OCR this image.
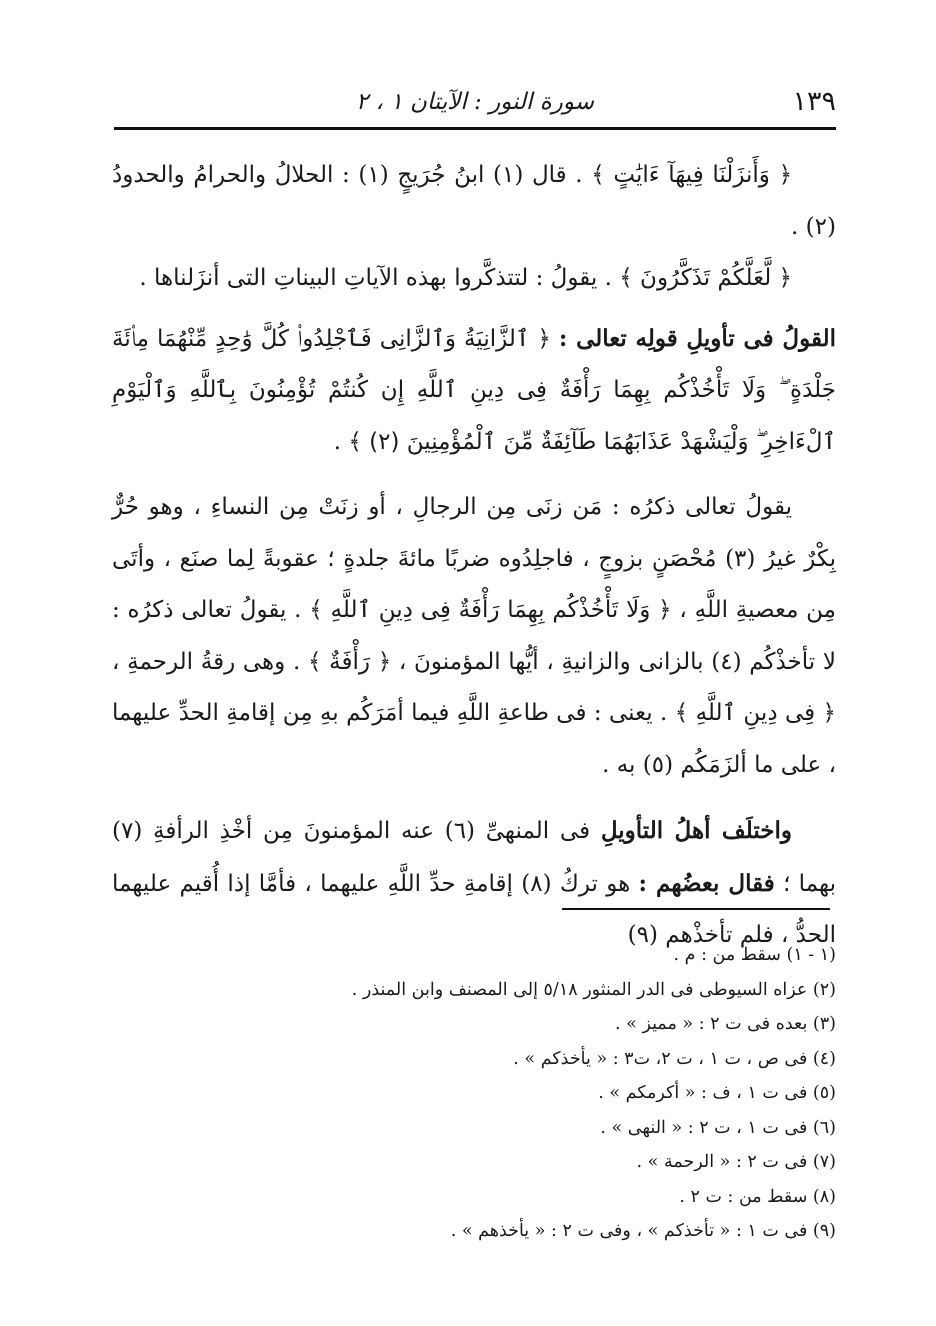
١٣٩
سورة النور : الآيتان ١ ، ٢

﴿ وَأَنزَلْنَا فِيهَآ ءَايَٰتٍ ﴾ . قال (١) ابنُ جُرَيجٍ (١) : الحلالُ والحرامُ والحدودُ (٢) .

﴿ لَّعَلَّكُمْ تَذَكَّرُونَ ﴾ . يقولُ : لتتذكَّروا بهذه الآياتِ البيناتِ التى أنزَلناها .

القولُ فى تأويلِ قولِه تعالى : ﴿ ٱلزَّانِيَةُ وَٱلزَّانِى فَٱجْلِدُوا۟ كُلَّ وَٰحِدٍ مِّنْهُمَا مِا۟ئَةَ جَلْدَةٍ ۖ وَلَا تَأْخُذْكُم بِهِمَا رَأْفَةٌ فِى دِينِ ٱللَّهِ إِن كُنتُمْ تُؤْمِنُونَ بِٱللَّهِ وَٱلْيَوْمِ ٱلْءَاخِرِ ۖ وَلْيَشْهَدْ عَذَابَهُمَا طَآئِفَةٌ مِّنَ ٱلْمُؤْمِنِينَ (٢) ﴾ .

يقولُ تعالى ذكرُه : مَن زنَى مِن الرجالِ ، أو زنَتْ مِن النساءِ ، وهو حُرٌّ بِكْرٌ غيرُ (٣) مُحْصَنٍ بزوجٍ ، فاجلِدُوه ضربًا مائةَ جلدةٍ ؛ عقوبةً لِما صنَع ، وأتَى مِن معصيةِ اللَّهِ ، ﴿ وَلَا تَأْخُذْكُم بِهِمَا رَأْفَةٌ فِى دِينِ ٱللَّهِ ﴾ . يقولُ تعالى ذكرُه : لا تأخذْكُم (٤) بالزانى والزانيةِ ، أيُّها المؤمنونَ ، ﴿ رَأْفَةٌ ﴾ . وهى رقةُ الرحمةِ ، ﴿ فِى دِينِ ٱللَّهِ ﴾ . يعنى : فى طاعةِ اللَّهِ فيما أمَرَكُم بهِ مِن إقامةِ الحدِّ عليهما ، على ما ألزَمَكُم (٥) به .

واختلَف أهلُ التأويلِ فى المنهىِّ (٦) عنه المؤمنونَ مِن أخْذِ الرأفةِ (٧) بهما ؛ فقال بعضُهم : هو تركُ (٨) إقامةِ حدِّ اللَّهِ عليهما ، فأمَّا إذا أُقيم عليهما الحدُّ ، فلم تأخذْهم (٩)

(١ - ١) سقط من : م .

(٢) عزاه السيوطى فى الدر المنثور ٥/١٨ إلى المصنف وابن المنذر .

(٣) بعده فى ت ٢ : « مميز » .

(٤) فى ص ، ت ١ ، ت ٢، ت٣ : « يأخذكم » .

(٥) فى ت ١ ، ف : « أكرمكم » .

(٦) فى ت ١ ، ت ٢ : « النهى » .

(٧) فى ت ٢ : « الرحمة » .

(٨) سقط من : ت ٢ .

(٩) فى ت ١ : « تأخذكم » ، وفى ت ٢ : « يأخذهم » .
